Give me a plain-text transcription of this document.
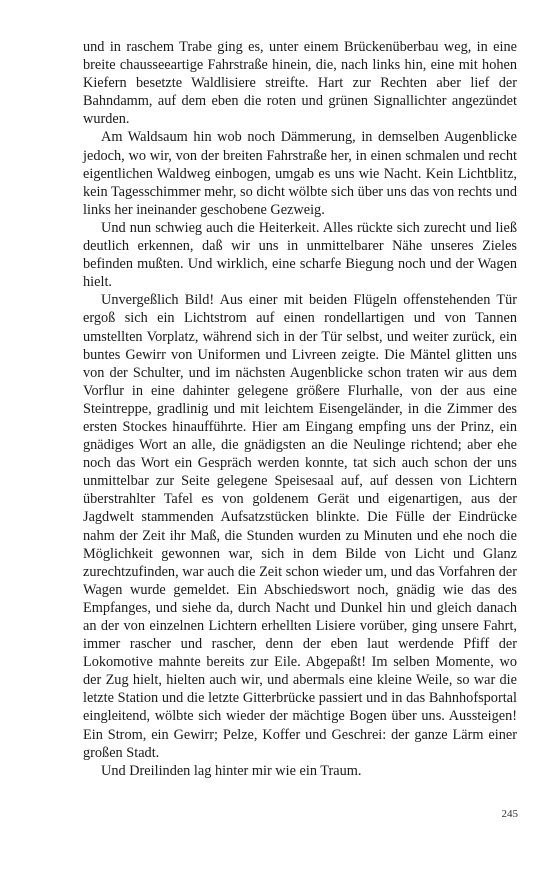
und in raschem Trabe ging es, unter einem Brückenüberbau weg, in eine breite chausseeartige Fahrstraße hinein, die, nach links hin, eine mit hohen Kiefern besetzte Waldlisiere streifte. Hart zur Rechten aber lief der Bahndamm, auf dem eben die roten und grünen Signallichter angezündet wurden.

Am Waldsaum hin wob noch Dämmerung, in demselben Augenblicke jedoch, wo wir, von der breiten Fahrstraße her, in einen schmalen und recht eigentlichen Waldweg einbogen, umgab es uns wie Nacht. Kein Lichtblitz, kein Tagesschimmer mehr, so dicht wölbte sich über uns das von rechts und links her ineinander geschobene Gezweig.

Und nun schwieg auch die Heiterkeit. Alles rückte sich zurecht und ließ deutlich erkennen, daß wir uns in unmittelbarer Nähe unseres Zieles befinden mußten. Und wirklich, eine scharfe Biegung noch und der Wagen hielt.

Unvergeßlich Bild! Aus einer mit beiden Flügeln offenstehenden Tür ergoß sich ein Lichtstrom auf einen rondellartigen und von Tannen umstellten Vorplatz, während sich in der Tür selbst, und weiter zurück, ein buntes Gewirr von Uniformen und Livreen zeigte. Die Mäntel glitten uns von der Schulter, und im nächsten Augenblicke schon traten wir aus dem Vorflur in eine dahinter gelegene größere Flurhalle, von der aus eine Steintreppe, gradlinig und mit leichtem Eisengeländer, in die Zimmer des ersten Stockes hinaufführte. Hier am Eingang empfing uns der Prinz, ein gnädiges Wort an alle, die gnädigsten an die Neulinge richtend; aber ehe noch das Wort ein Gespräch werden konnte, tat sich auch schon der uns unmittelbar zur Seite gelegene Speisesaal auf, auf dessen von Lichtern überstrahlter Tafel es von goldenem Gerät und eigenartigen, aus der Jagdwelt stammenden Aufsatzstücken blinkte. Die Fülle der Eindrücke nahm der Zeit ihr Maß, die Stunden wurden zu Minuten und ehe noch die Möglichkeit gewonnen war, sich in dem Bilde von Licht und Glanz zurechtzufinden, war auch die Zeit schon wieder um, und das Vorfahren der Wagen wurde gemeldet. Ein Abschiedswort noch, gnädig wie das des Empfanges, und siehe da, durch Nacht und Dunkel hin und gleich danach an der von einzelnen Lichtern erhellten Lisiere vorüber, ging unsere Fahrt, immer rascher und rascher, denn der eben laut werdende Pfiff der Lokomotive mahnte bereits zur Eile. Abgepaßt! Im selben Momente, wo der Zug hielt, hielten auch wir, und abermals eine kleine Weile, so war die letzte Station und die letzte Gitterbrücke passiert und in das Bahnhofsportal eingleitend, wölbte sich wieder der mächtige Bogen über uns. Aussteigen! Ein Strom, ein Gewirr; Pelze, Koffer und Geschrei: der ganze Lärm einer großen Stadt.

Und Dreilinden lag hinter mir wie ein Traum.

245
